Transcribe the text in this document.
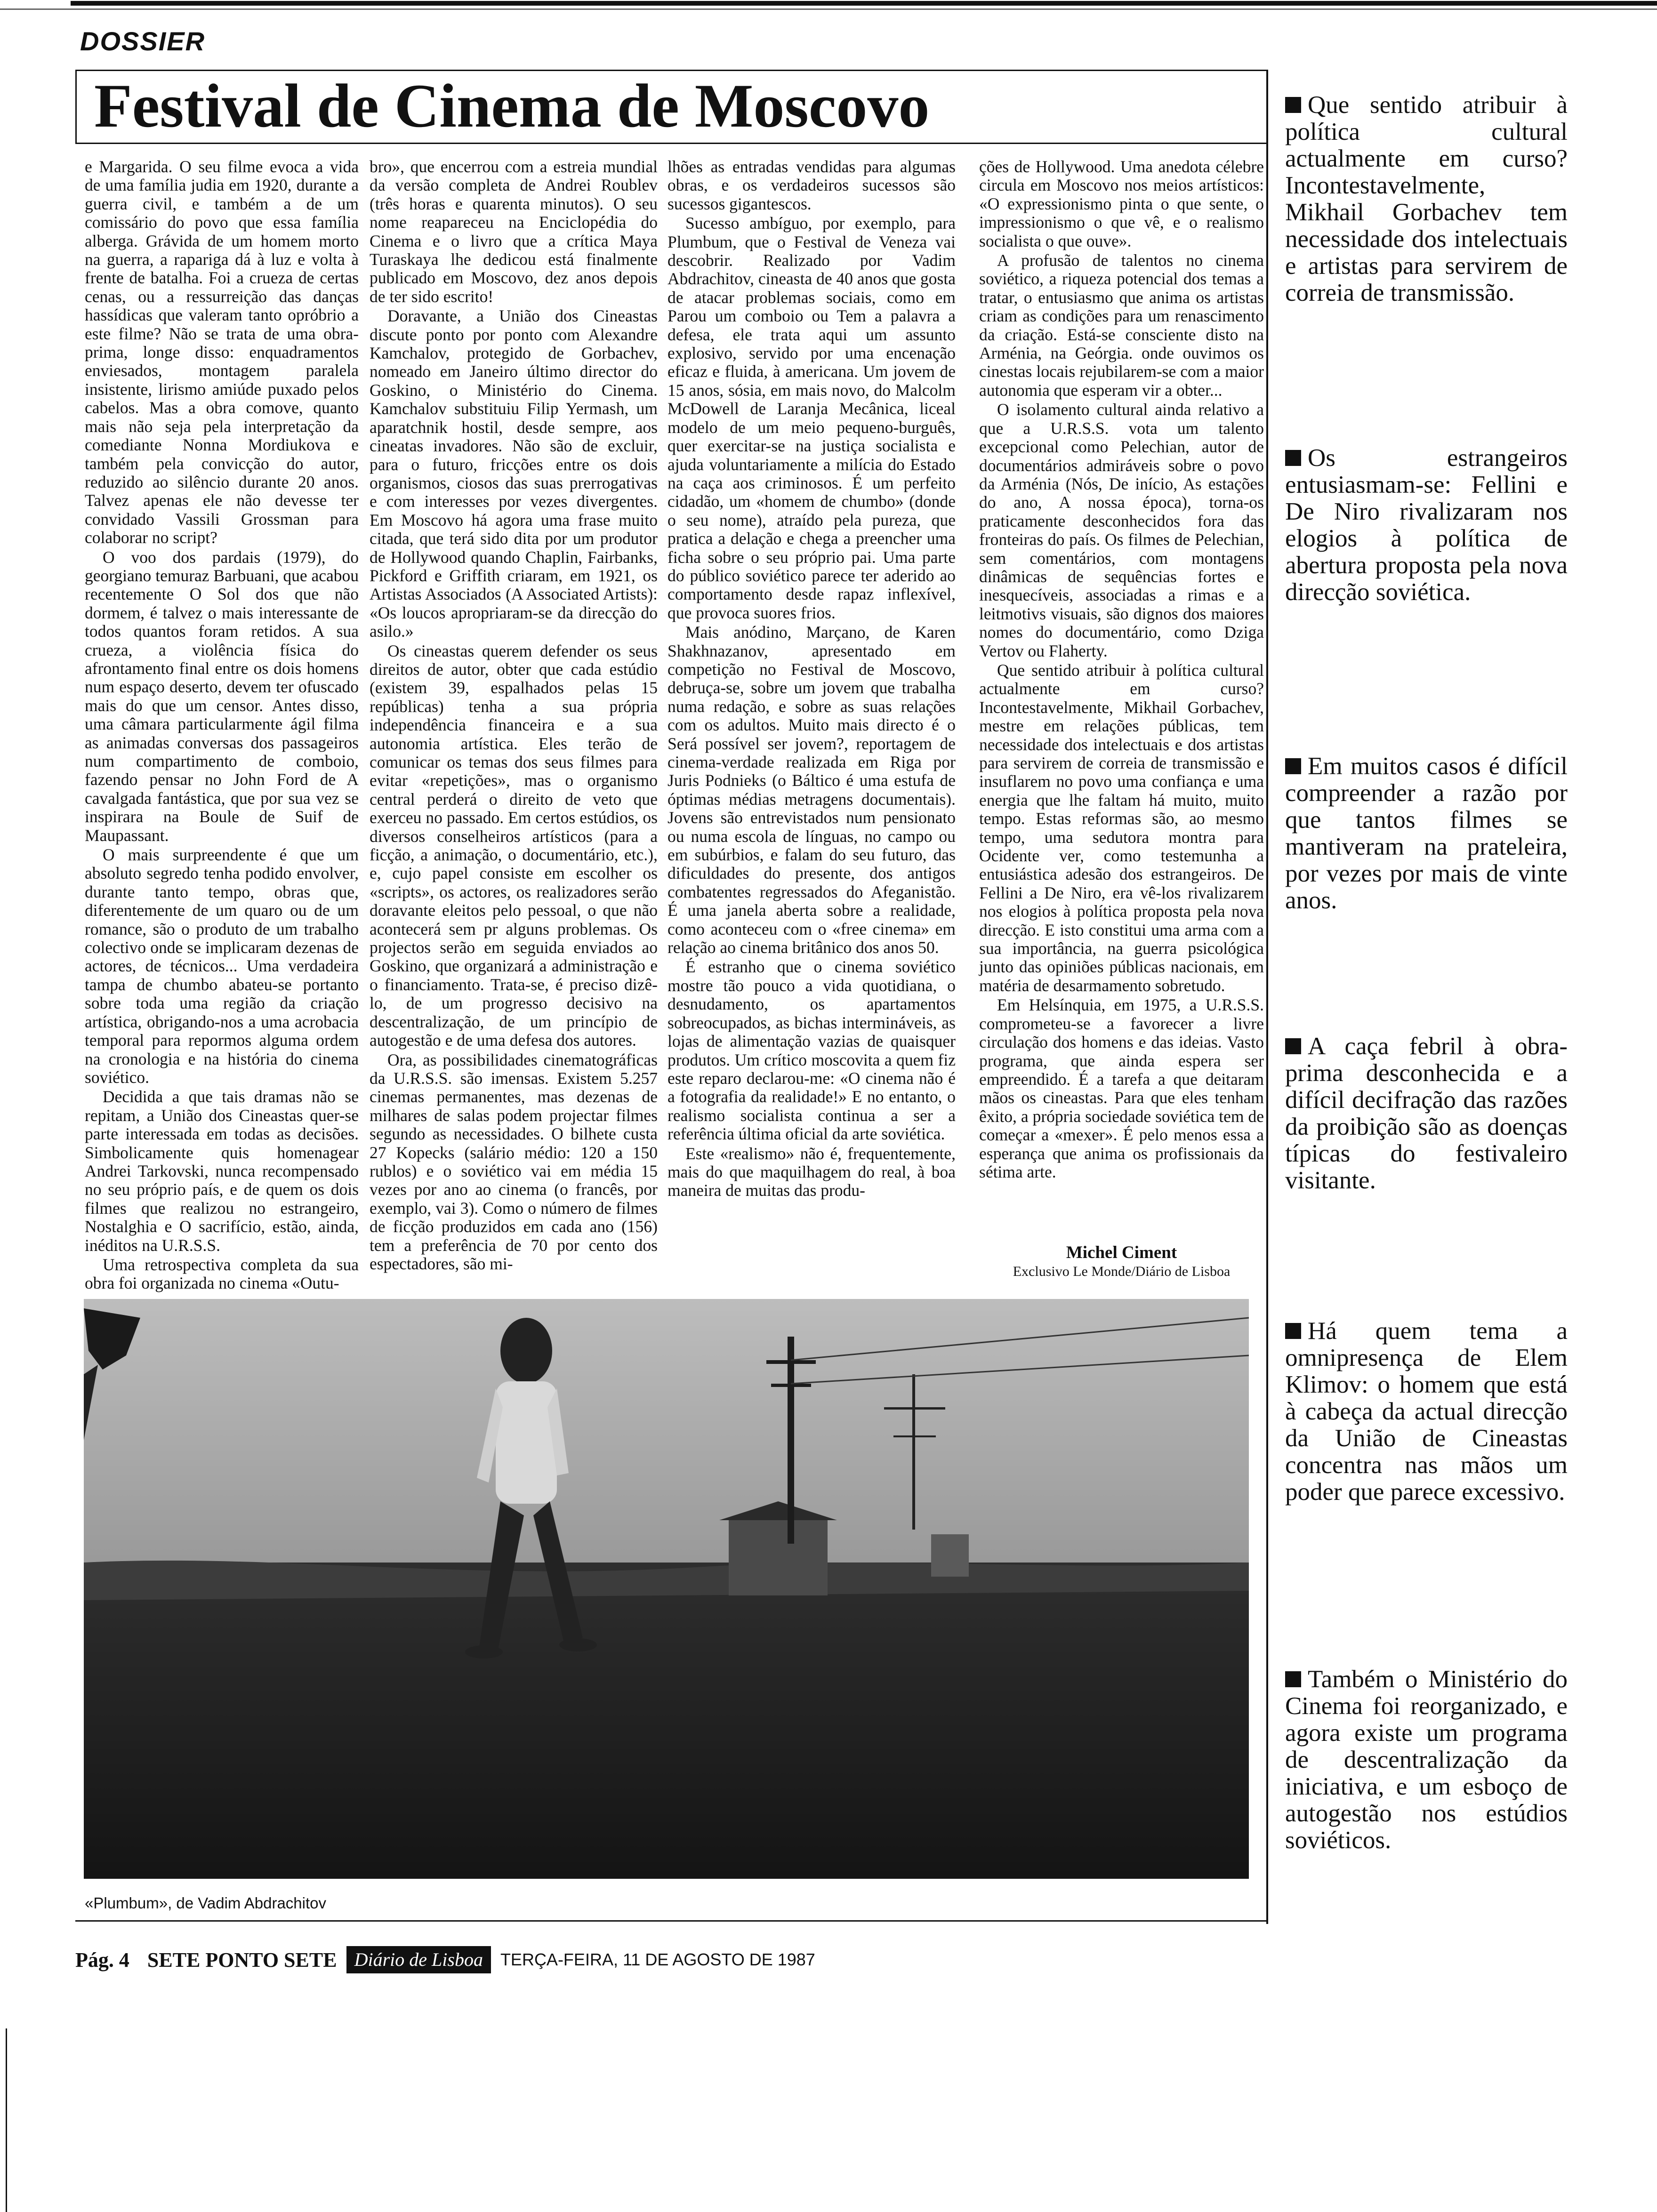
DOSSIER
Festival de Cinema de Moscovo

e Margarida. O seu filme evoca a vida de uma família judia em 1920, durante a guerra civil, e também a de um comissário do povo que essa família alberga. Grávida de um homem morto na guerra, a rapariga dá à luz e volta à frente de batalha. Foi a crueza de certas cenas, ou a ressurreição das danças hassídicas que valeram tanto opróbrio a este filme? Não se trata de uma obra-prima, longe disso: enquadramentos enviesados, montagem paralela insistente, lirismo amiúde puxado pelos cabelos. Mas a obra comove, quanto mais não seja pela interpretação da comediante Nonna Mordiukova e também pela convicção do autor, reduzido ao silêncio durante 20 anos. Talvez apenas ele não devesse ter convidado Vassili Grossman para colaborar no script?

O voo dos pardais (1979), do georgiano temuraz Barbuani, que acabou recentemente O Sol dos que não dormem, é talvez o mais interessante de todos quantos foram retidos. A sua crueza, a violência física do afrontamento final entre os dois homens num espaço deserto, devem ter ofuscado mais do que um censor. Antes disso, uma câmara particularmente ágil filma as animadas conversas dos passageiros num compartimento de comboio, fazendo pensar no John Ford de A cavalgada fantástica, que por sua vez se inspirara na Boule de Suif de Maupassant.

O mais surpreendente é que um absoluto segredo tenha podido envolver, durante tanto tempo, obras que, diferentemente de um quaro ou de um romance, são o produto de um trabalho colectivo onde se implicaram dezenas de actores, de técnicos... Uma verdadeira tampa de chumbo abateu-se portanto sobre toda uma região da criação artística, obrigando-nos a uma acrobacia temporal para repormos alguma ordem na cronologia e na história do cinema soviético.

Decidida a que tais dramas não se repitam, a União dos Cineastas quer-se parte interessada em todas as decisões. Simbolicamente quis homenagear Andrei Tarkovski, nunca recompensado no seu próprio país, e de quem os dois filmes que realizou no estrangeiro, Nostalghia e O sacrifício, estão, ainda, inéditos na U.R.S.S.

Uma retrospectiva completa da sua obra foi organizada no cinema «Outu-

bro», que encerrou com a estreia mundial da versão completa de Andrei Roublev (três horas e quarenta minutos). O seu nome reapareceu na Enciclopédia do Cinema e o livro que a crítica Maya Turaskaya lhe dedicou está finalmente publicado em Moscovo, dez anos depois de ter sido escrito!

Doravante, a União dos Cineastas discute ponto por ponto com Alexandre Kamchalov, protegido de Gorbachev, nomeado em Janeiro último director do Goskino, o Ministério do Cinema. Kamchalov substituiu Filip Yermash, um aparatchnik hostil, desde sempre, aos cineatas invadores. Não são de excluir, para o futuro, fricções entre os dois organismos, ciosos das suas prerrogativas e com interesses por vezes divergentes. Em Moscovo há agora uma frase muito citada, que terá sido dita por um produtor de Hollywood quando Chaplin, Fairbanks, Pickford e Griffith criaram, em 1921, os Artistas Associados (A Associated Artists): «Os loucos apropriaram-se da direcção do asilo.»

Os cineastas querem defender os seus direitos de autor, obter que cada estúdio (existem 39, espalhados pelas 15 repúblicas) tenha a sua própria independência financeira e a sua autonomia artística. Eles terão de comunicar os temas dos seus filmes para evitar «repetições», mas o organismo central perderá o direito de veto que exerceu no passado. Em certos estúdios, os diversos conselheiros artísticos (para a ficção, a animação, o documentário, etc.), e, cujo papel consiste em escolher os «scripts», os actores, os realizadores serão doravante eleitos pelo pessoal, o que não acontecerá sem pr alguns problemas. Os projectos serão em seguida enviados ao Goskino, que organizará a administração e o financiamento. Trata-se, é preciso dizê-lo, de um progresso decisivo na descentralização, de um princípio de autogestão e de uma defesa dos autores.

Ora, as possibilidades cinematográficas da U.R.S.S. são imensas. Existem 5.257 cinemas permanentes, mas dezenas de milhares de salas podem projectar filmes segundo as necessidades. O bilhete custa 27 Kopecks (salário médio: 120 a 150 rublos) e o soviético vai em média 15 vezes por ano ao cinema (o francês, por exemplo, vai 3). Como o número de filmes de ficção produzidos em cada ano (156) tem a preferência de 70 por cento dos espectadores, são mi-

lhões as entradas vendidas para algumas obras, e os verdadeiros sucessos são sucessos gigantescos.

Sucesso ambíguo, por exemplo, para Plumbum, que o Festival de Veneza vai descobrir. Realizado por Vadim Abdrachitov, cineasta de 40 anos que gosta de atacar problemas sociais, como em Parou um comboio ou Tem a palavra a defesa, ele trata aqui um assunto explosivo, servido por uma encenação eficaz e fluida, à americana. Um jovem de 15 anos, sósia, em mais novo, do Malcolm McDowell de Laranja Mecânica, liceal modelo de um meio pequeno-burguês, quer exercitar-se na justiça socialista e ajuda voluntariamente a milícia do Estado na caça aos criminosos. É um perfeito cidadão, um «homem de chumbo» (donde o seu nome), atraído pela pureza, que pratica a delação e chega a preencher uma ficha sobre o seu próprio pai. Uma parte do público soviético parece ter aderido ao comportamento desde rapaz inflexível, que provoca suores frios.

Mais anódino, Marçano, de Karen Shakhnazanov, apresentado em competição no Festival de Moscovo, debruça-se, sobre um jovem que trabalha numa redação, e sobre as suas relações com os adultos. Muito mais directo é o Será possível ser jovem?, reportagem de cinema-verdade realizada em Riga por Juris Podnieks (o Báltico é uma estufa de óptimas médias metragens documentais). Jovens são entrevistados num pensionato ou numa escola de línguas, no campo ou em subúrbios, e falam do seu futuro, das dificuldades do presente, dos antigos combatentes regressados do Afeganistão. É uma janela aberta sobre a realidade, como aconteceu com o «free cinema» em relação ao cinema britânico dos anos 50.

É estranho que o cinema soviético mostre tão pouco a vida quotidiana, o desnudamento, os apartamentos sobreocupados, as bichas intermináveis, as lojas de alimentação vazias de quaisquer produtos. Um crítico moscovita a quem fiz este reparo declarou-me: «O cinema não é a fotografia da realidade!» E no entanto, o realismo socialista continua a ser a referência última oficial da arte soviética.

Este «realismo» não é, frequentemente, mais do que maquilhagem do real, à boa maneira de muitas das produ-

ções de Hollywood. Uma anedota célebre circula em Moscovo nos meios artísticos: «O expressionismo pinta o que sente, o impressionismo o que vê, e o realismo socialista o que ouve».

A profusão de talentos no cinema soviético, a riqueza potencial dos temas a tratar, o entusiasmo que anima os artistas criam as condições para um renascimento da criação. Está-se consciente disto na Arménia, na Geórgia. onde ouvimos os cinestas locais rejubilarem-se com a maior autonomia que esperam vir a obter...

O isolamento cultural ainda relativo a que a U.R.S.S. vota um talento excepcional como Pelechian, autor de documentários admiráveis sobre o povo da Arménia (Nós, De início, As estações do ano, A nossa época), torna-os praticamente desconhecidos fora das fronteiras do país. Os filmes de Pelechian, sem comentários, com montagens dinâmicas de sequências fortes e inesquecíveis, associadas a rimas e a leitmotivs visuais, são dignos dos maiores nomes do documentário, como Dziga Vertov ou Flaherty.

Que sentido atribuir à política cultural actualmente em curso? Incontestavelmente, Mikhail Gorbachev, mestre em relações públicas, tem necessidade dos intelectuais e dos artistas para servirem de correia de transmissão e insuflarem no povo uma confiança e uma energia que lhe faltam há muito, muito tempo. Estas reformas são, ao mesmo tempo, uma sedutora montra para Ocidente ver, como testemunha a entusiástica adesão dos estrangeiros. De Fellini a De Niro, era vê-los rivalizarem nos elogios à política proposta pela nova direcção. E isto constitui uma arma com a sua importância, na guerra psicológica junto das opiniões públicas nacionais, em matéria de desarmamento sobretudo.

Em Helsínquia, em 1975, a U.R.S.S. comprometeu-se a favorecer a livre circulação dos homens e das ideias. Vasto programa, que ainda espera ser empreendido. É a tarefa a que deitaram mãos os cineastas. Para que eles tenham êxito, a própria sociedade soviética tem de começar a «mexer». É pelo menos essa a esperança que anima os profissionais da sétima arte.

Michel Ciment
Exclusivo Le Monde/Diário de Lisboa
«Plumbum», de Vadim Abdrachitov
Que sentido atribuir à política cultural actualmente em curso? Incontestavelmente, Mikhail Gorbachev tem necessidade dos intelectuais e artistas para servirem de correia de transmissão.
Os estrangeiros entusiasmam-se: Fellini e De Niro rivalizaram nos elogios à política de abertura proposta pela nova direcção soviética.
Em muitos casos é difícil compreender a razão por que tantos filmes se mantiveram na prateleira, por vezes por mais de vinte anos.
A caça febril à obra-prima desconhecida e a difícil decifração das razões da proibição são as doenças típicas do festivaleiro visitante.
Há quem tema a omnipresença de Elem Klimov: o homem que está à cabeça da actual direcção da União de Cineastas concentra nas mãos um poder que parece excessivo.
Também o Ministério do Cinema foi reorganizado, e agora existe um programa de descentralização da iniciativa, e um esboço de autogestão nos estúdios soviéticos.
Pág. 4 SETE PONTO SETE Diário de Lisboa TERÇA-FEIRA, 11 DE AGOSTO DE 1987
